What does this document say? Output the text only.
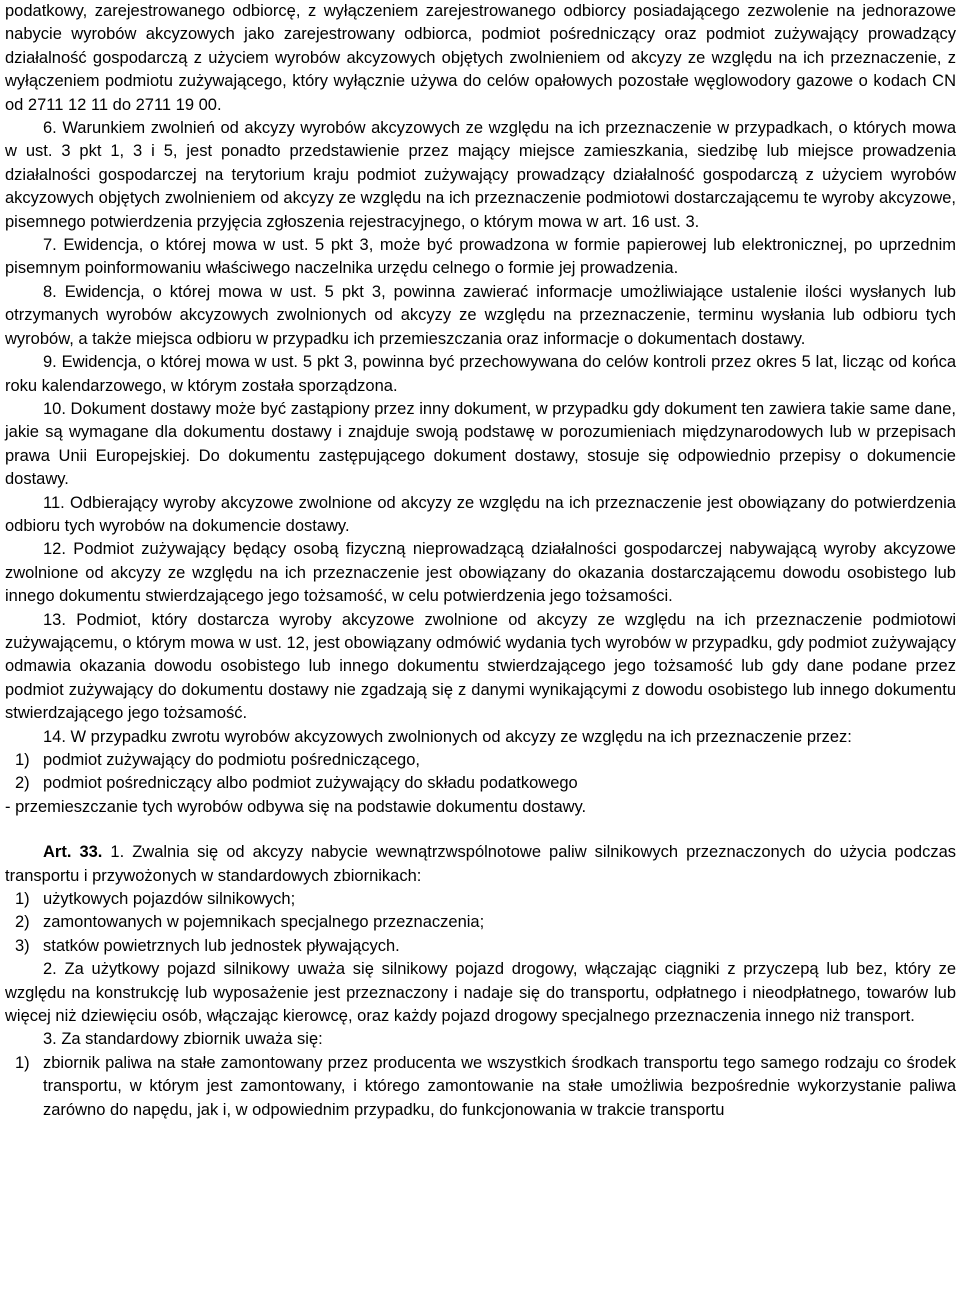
podatkowy, zarejestrowanego odbiorcę, z wyłączeniem zarejestrowanego odbiorcy posiadającego zezwolenie na jednorazowe nabycie wyrobów akcyzowych jako zarejestrowany odbiorca, podmiot pośredniczący oraz podmiot zużywający prowadzący działalność gospodarczą z użyciem wyrobów akcyzowych objętych zwolnieniem od akcyzy ze względu na ich przeznaczenie, z wyłączeniem podmiotu zużywającego, który wyłącznie używa do celów opałowych pozostałe węglowodory gazowe o kodach CN od 2711 12 11 do 2711 19 00.

6. Warunkiem zwolnień od akcyzy wyrobów akcyzowych ze względu na ich przeznaczenie w przypadkach, o których mowa w ust. 3 pkt 1, 3 i 5, jest ponadto przedstawienie przez mający miejsce zamieszkania, siedzibę lub miejsce prowadzenia działalności gospodarczej na terytorium kraju podmiot zużywający prowadzący działalność gospodarczą z użyciem wyrobów akcyzowych objętych zwolnieniem od akcyzy ze względu na ich przeznaczenie podmiotowi dostarczającemu te wyroby akcyzowe, pisemnego potwierdzenia przyjęcia zgłoszenia rejestracyjnego, o którym mowa w art. 16 ust. 3.

7. Ewidencja, o której mowa w ust. 5 pkt 3, może być prowadzona w formie papierowej lub elektronicznej, po uprzednim pisemnym poinformowaniu właściwego naczelnika urzędu celnego o formie jej prowadzenia.

8. Ewidencja, o której mowa w ust. 5 pkt 3, powinna zawierać informacje umożliwiające ustalenie ilości wysłanych lub otrzymanych wyrobów akcyzowych zwolnionych od akcyzy ze względu na przeznaczenie, terminu wysłania lub odbioru tych wyrobów, a także miejsca odbioru w przypadku ich przemieszczania oraz informacje o dokumentach dostawy.

9. Ewidencja, o której mowa w ust. 5 pkt 3, powinna być przechowywana do celów kontroli przez okres 5 lat, licząc od końca roku kalendarzowego, w którym została sporządzona.

10. Dokument dostawy może być zastąpiony przez inny dokument, w przypadku gdy dokument ten zawiera takie same dane, jakie są wymagane dla dokumentu dostawy i znajduje swoją podstawę w porozumieniach międzynarodowych lub w przepisach prawa Unii Europejskiej. Do dokumentu zastępującego dokument dostawy, stosuje się odpowiednio przepisy o dokumencie dostawy.

11. Odbierający wyroby akcyzowe zwolnione od akcyzy ze względu na ich przeznaczenie jest obowiązany do potwierdzenia odbioru tych wyrobów na dokumencie dostawy.

12. Podmiot zużywający będący osobą fizyczną nieprowadzącą działalności gospodarczej nabywającą wyroby akcyzowe zwolnione od akcyzy ze względu na ich przeznaczenie jest obowiązany do okazania dostarczającemu dowodu osobistego lub innego dokumentu stwierdzającego jego tożsamość, w celu potwierdzenia jego tożsamości.

13. Podmiot, który dostarcza wyroby akcyzowe zwolnione od akcyzy ze względu na ich przeznaczenie podmiotowi zużywającemu, o którym mowa w ust. 12, jest obowiązany odmówić wydania tych wyrobów w przypadku, gdy podmiot zużywający odmawia okazania dowodu osobistego lub innego dokumentu stwierdzającego jego tożsamość lub gdy dane podane przez podmiot zużywający do dokumentu dostawy nie zgadzają się z danymi wynikającymi z dowodu osobistego lub innego dokumentu stwierdzającego jego tożsamość.

14. W przypadku zwrotu wyrobów akcyzowych zwolnionych od akcyzy ze względu na ich przeznaczenie przez:

1) podmiot zużywający do podmiotu pośredniczącego,

2) podmiot pośredniczący albo podmiot zużywający do składu podatkowego

- przemieszczanie tych wyrobów odbywa się na podstawie dokumentu dostawy.

Art. 33. 1. Zwalnia się od akcyzy nabycie wewnątrzwspólnotowe paliw silnikowych przeznaczonych do użycia podczas transportu i przywożonych w standardowych zbiornikach:

1) użytkowych pojazdów silnikowych;

2) zamontowanych w pojemnikach specjalnego przeznaczenia;

3) statków powietrznych lub jednostek pływających.

2. Za użytkowy pojazd silnikowy uważa się silnikowy pojazd drogowy, włączając ciągniki z przyczepą lub bez, który ze względu na konstrukcję lub wyposażenie jest przeznaczony i nadaje się do transportu, odpłatnego i nieodpłatnego, towarów lub więcej niż dziewięciu osób, włączając kierowcę, oraz każdy pojazd drogowy specjalnego przeznaczenia innego niż transport.

3. Za standardowy zbiornik uważa się:

1) zbiornik paliwa na stałe zamontowany przez producenta we wszystkich środkach transportu tego samego rodzaju co środek transportu, w którym jest zamontowany, i którego zamontowanie na stałe umożliwia bezpośrednie wykorzystanie paliwa zarówno do napędu, jak i, w odpowiednim przypadku, do funkcjonowania w trakcie transportu
